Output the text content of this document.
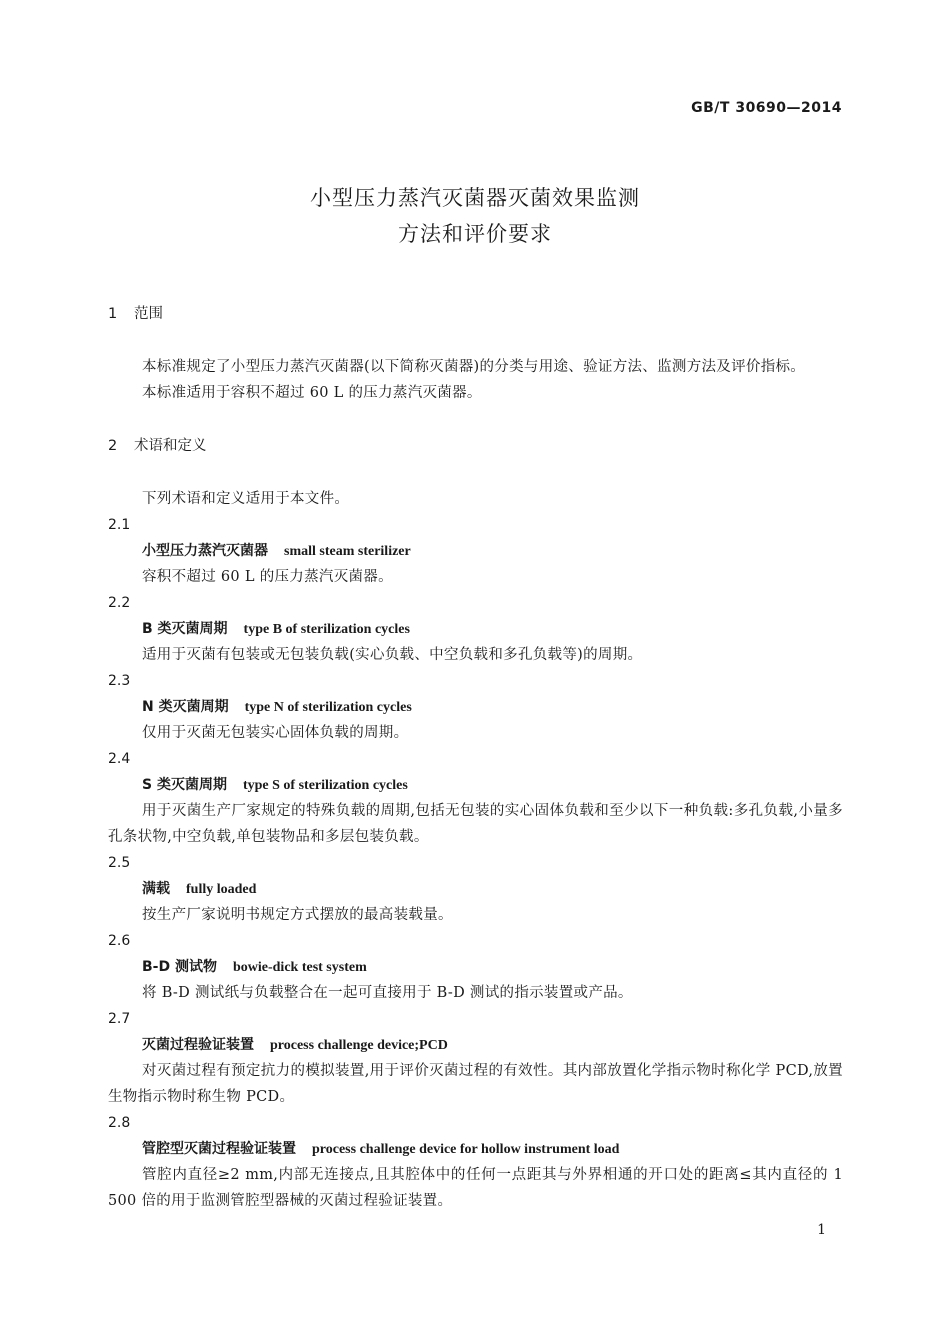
GB/T 30690—2014
小型压力蒸汽灭菌器灭菌效果监测
方法和评价要求
1 范围

本标准规定了小型压力蒸汽灭菌器(以下简称灭菌器)的分类与用途、验证方法、监测方法及评价指标。

本标准适用于容积不超过 60 L 的压力蒸汽灭菌器。

2 术语和定义

下列术语和定义适用于本文件。

2.1
小型压力蒸汽灭菌器 small steam sterilizer

容积不超过 60 L 的压力蒸汽灭菌器。

2.2
B 类灭菌周期 type B of sterilization cycles

适用于灭菌有包装或无包装负载(实心负载、中空负载和多孔负载等)的周期。

2.3
N 类灭菌周期 type N of sterilization cycles

仅用于灭菌无包装实心固体负载的周期。

2.4
S 类灭菌周期 type S of sterilization cycles

用于灭菌生产厂家规定的特殊负载的周期,包括无包装的实心固体负载和至少以下一种负载:多孔负载,小量多孔条状物,中空负载,单包装物品和多层包装负载。

2.5
满载 fully loaded

按生产厂家说明书规定方式摆放的最高装载量。

2.6
B-D 测试物 bowie-dick test system

将 B-D 测试纸与负载整合在一起可直接用于 B-D 测试的指示装置或产品。

2.7
灭菌过程验证装置 process challenge device;PCD

对灭菌过程有预定抗力的模拟装置,用于评价灭菌过程的有效性。其内部放置化学指示物时称化学 PCD,放置生物指示物时称生物 PCD。

2.8
管腔型灭菌过程验证装置 process challenge device for hollow instrument load

管腔内直径≥2 mm,内部无连接点,且其腔体中的任何一点距其与外界相通的开口处的距离≤其内直径的 1 500 倍的用于监测管腔型器械的灭菌过程验证装置。

1
